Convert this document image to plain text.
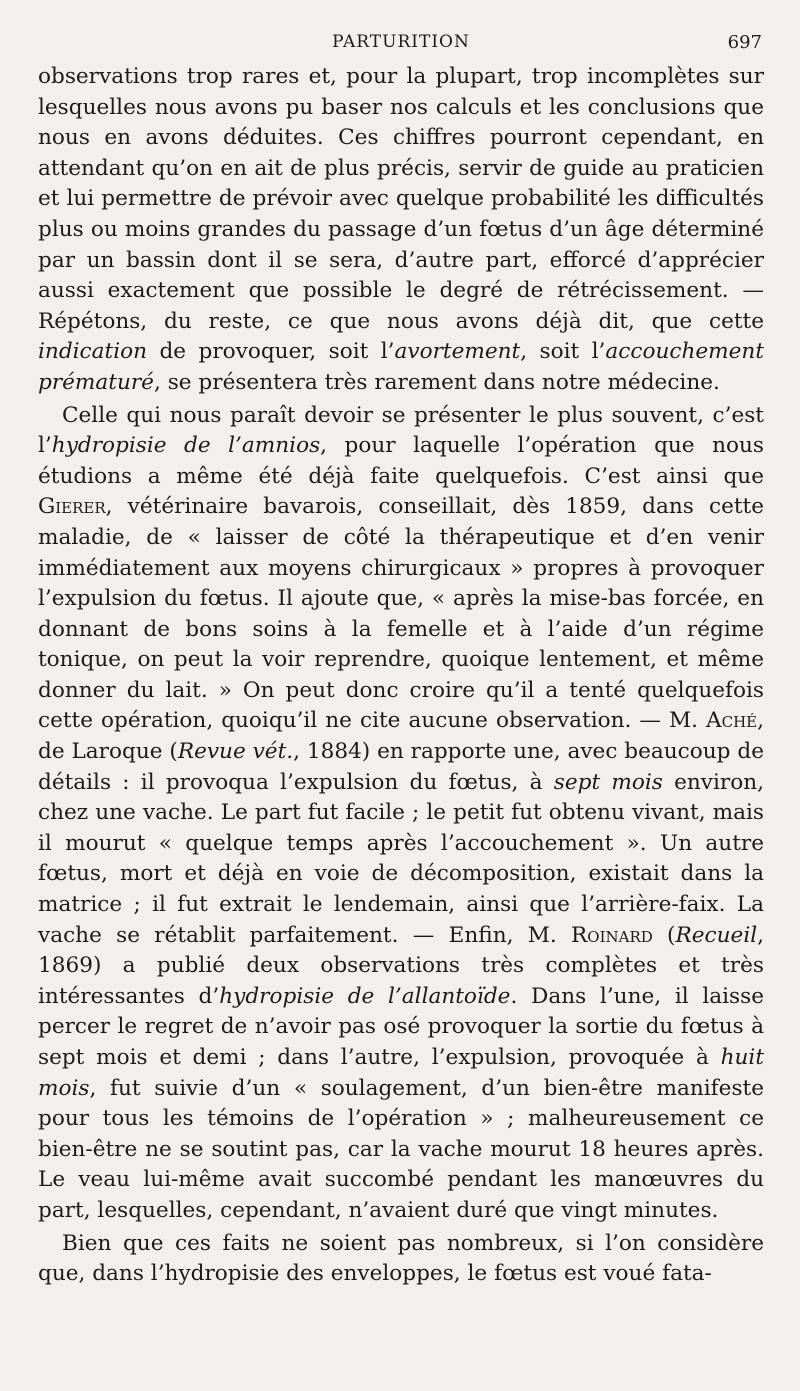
PARTURITION	697

observations trop rares et, pour la plupart, trop incomplètes sur lesquelles nous avons pu baser nos calculs et les conclusions que nous en avons déduites. Ces chiffres pourront cependant, en attendant qu’on en ait de plus précis, servir de guide au praticien et lui permettre de prévoir avec quelque probabilité les difficultés plus ou moins grandes du passage d’un fœtus d’un âge déterminé par un bassin dont il se sera, d’autre part, efforcé d’apprécier aussi exactement que possible le degré de rétrécissement. — Répétons, du reste, ce que nous avons déjà dit, que cette indication de provoquer, soit l’avortement, soit l’accouchement prématuré, se présentera très rarement dans notre médecine.

Celle qui nous paraît devoir se présenter le plus souvent, c’est l’hydropisie de l’amnios, pour laquelle l’opération que nous étudions a même été déjà faite quelquefois. C’est ainsi que Gierer, vétérinaire bavarois, conseillait, dès 1859, dans cette maladie, de « laisser de côté la thérapeutique et d’en venir immédiatement aux moyens chirurgicaux » propres à provoquer l’expulsion du fœtus. Il ajoute que, « après la mise-bas forcée, en donnant de bons soins à la femelle et à l’aide d’un régime tonique, on peut la voir reprendre, quoique lentement, et même donner du lait. » On peut donc croire qu’il a tenté quelquefois cette opération, quoiqu’il ne cite aucune observation. — M. Aché, de Laroque (Revue vét., 1884) en rapporte une, avec beaucoup de détails : il provoqua l’expulsion du fœtus, à sept mois environ, chez une vache. Le part fut facile ; le petit fut obtenu vivant, mais il mourut « quelque temps après l’accouchement ». Un autre fœtus, mort et déjà en voie de décomposition, existait dans la matrice ; il fut extrait le lendemain, ainsi que l’arrière-faix. La vache se rétablit parfaitement. — Enfin, M. Roinard (Recueil, 1869) a publié deux observations très complètes et très intéressantes d’hydropisie de l’allantoïde. Dans l’une, il laisse percer le regret de n’avoir pas osé provoquer la sortie du fœtus à sept mois et demi ; dans l’autre, l’expulsion, provoquée à huit mois, fut suivie d’un « soulagement, d’un bien-être manifeste pour tous les témoins de l’opération » ; malheureusement ce bien-être ne se soutint pas, car la vache mourut 18 heures après. Le veau lui-même avait succombé pendant les manœuvres du part, lesquelles, cependant, n’avaient duré que vingt minutes.

Bien que ces faits ne soient pas nombreux, si l’on considère que, dans l’hydropisie des enveloppes, le fœtus est voué fata-
